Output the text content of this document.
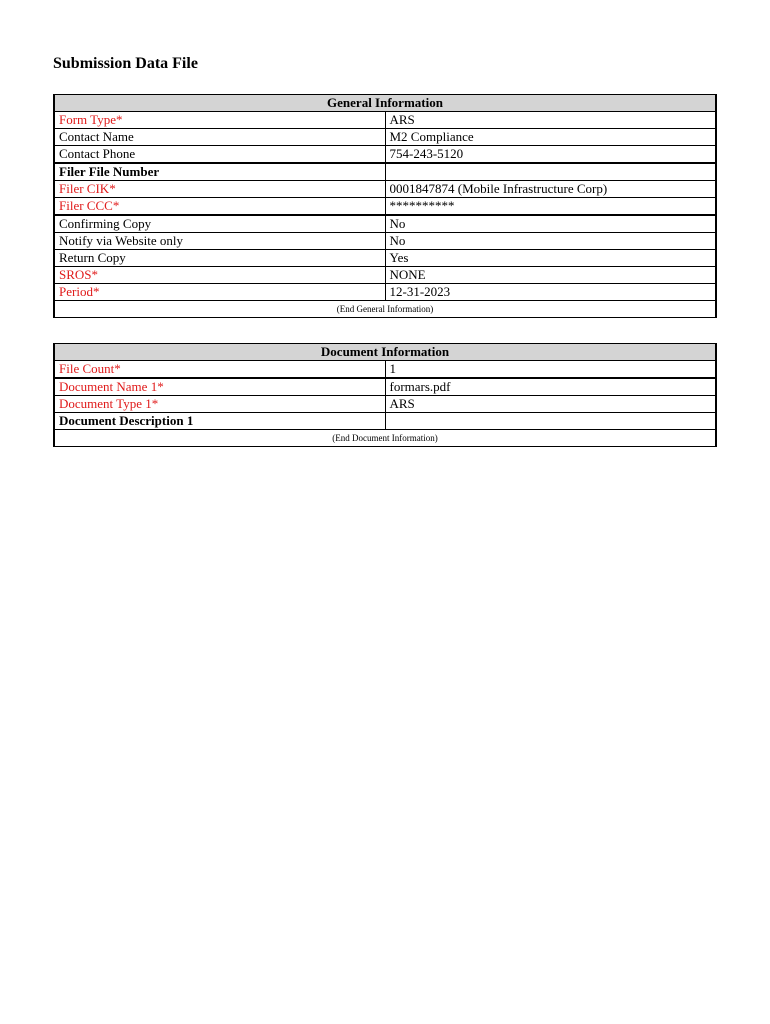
Submission Data File
General Information	
Form Type*	ARS
Contact Name	M2 Compliance
Contact Phone	754-243-5120
Filer File Number	
Filer CIK*	0001847874 (Mobile Infrastructure Corp)
Filer CCC*	**********
Confirming Copy	No
Notify via Website only	No
Return Copy	Yes
SROS*	NONE
Period*	12-31-2023
(End General Information)	
Document Information	
File Count*	1
Document Name 1*	formars.pdf
Document Type 1*	ARS
Document Description 1	
(End Document Information)	
